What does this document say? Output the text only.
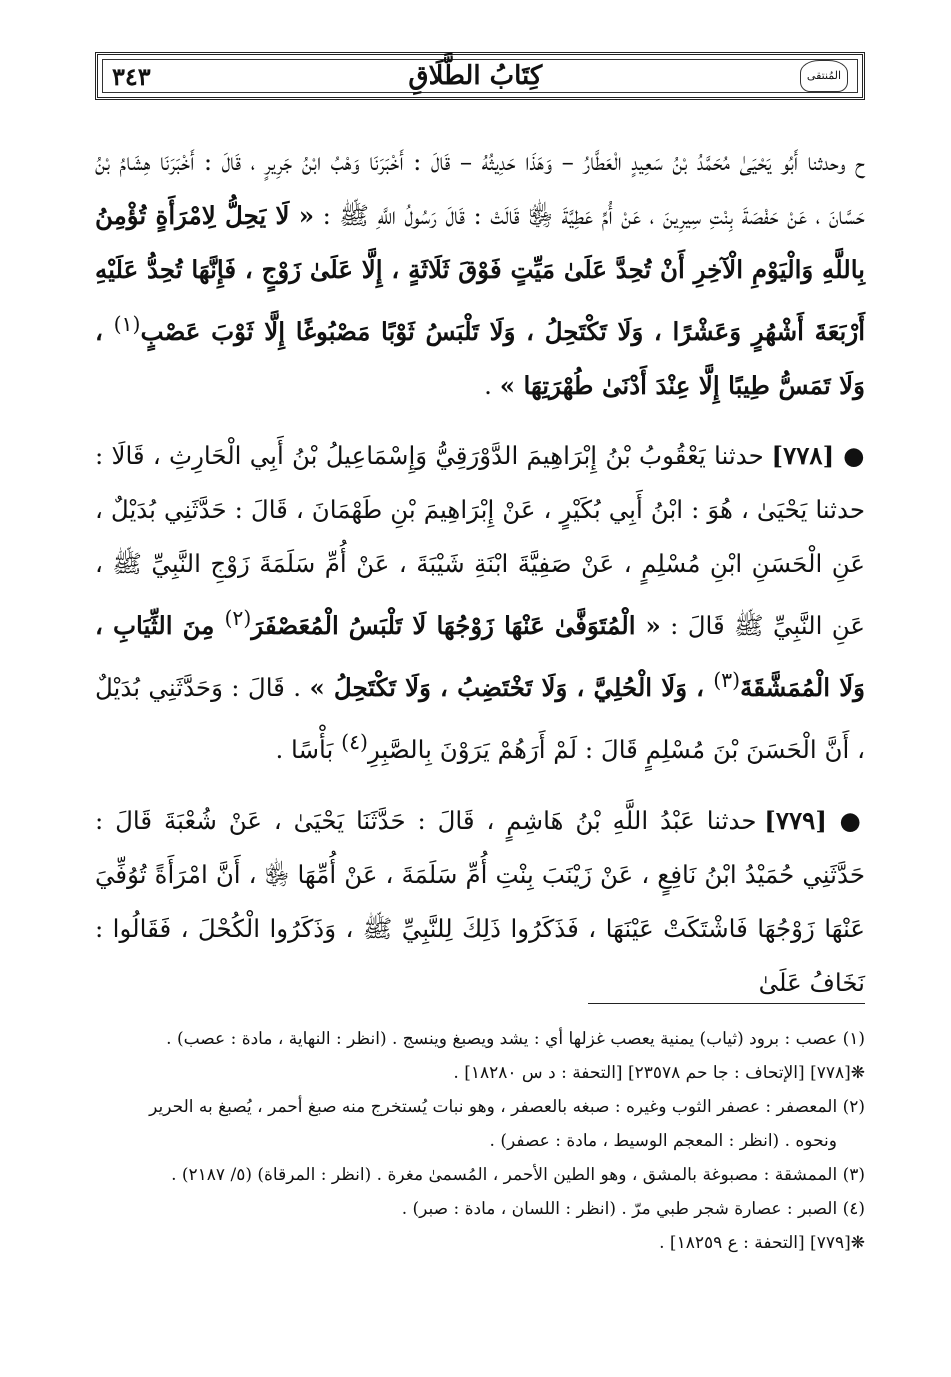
٣٤٣	كِتَابُ الطَّلَاقِ	المُنتقى

ح وحدثنا أَبُو يَحْيَىٰ مُحَمَّدُ بْنُ سَعِيدٍ الْعَطَّارُ – وَهَذَا حَدِيثُهُ – قَالَ : أَخْبَرَنَا وَهْبُ ابْنُ جَرِيرٍ ، قَالَ : أَخْبَرَنَا هِشَامُ بْنُ حَسَّانَ ، عَنْ حَفْصَةَ بِنْتِ سِيرِينَ ، عَنْ أُمِّ عَطِيَّةَ ﵂ قَالَتْ : قَالَ رَسُولُ اللَّهِ ﷺ : « لَا يَحِلُّ لِامْرَأَةٍ تُؤْمِنُ بِاللَّهِ وَالْيَوْمِ الْآخِرِ أَنْ تُحِدَّ عَلَىٰ مَيِّتٍ فَوْقَ ثَلَاثَةٍ ، إِلَّا عَلَىٰ زَوْجٍ ، فَإِنَّهَا تُحِدُّ عَلَيْهِ أَرْبَعَةَ أَشْهُرٍ وَعَشْرًا ، وَلَا تَكْتَحِلُ ، وَلَا تَلْبَسُ ثَوْبًا مَصْبُوغًا إِلَّا ثَوْبَ عَصْبٍ$^{(١)}$ ، وَلَا تَمَسُّ طِيبًا إِلَّا عِنْدَ أَدْنَىٰ طُهْرَتِهَا » .

● [٧٧٨] حدثنا يَعْقُوبُ بْنُ إِبْرَاهِيمَ الدَّوْرَقِيُّ وَإِسْمَاعِيلُ بْنُ أَبِي الْحَارِثِ ، قَالَا : حدثنا يَحْيَىٰ ، هُوَ : ابْنُ أَبِي بُكَيْرٍ ، عَنْ إِبْرَاهِيمَ بْنِ طَهْمَانَ ، قَالَ : حَدَّثَنِي بُدَيْلٌ ، عَنِ الْحَسَنِ ابْنِ مُسْلِمٍ ، عَنْ صَفِيَّةَ ابْنَةِ شَيْبَةَ ، عَنْ أُمِّ سَلَمَةَ زَوْجِ النَّبِيِّ ﷺ ، عَنِ النَّبِيِّ ﷺ قَالَ : « الْمُتَوَفَّىٰ عَنْهَا زَوْجُهَا لَا تَلْبَسُ الْمُعَصْفَرَ$^{(٢)}$ مِنَ الثِّيَابِ ، وَلَا الْمُمَشَّقَةَ$^{(٣)}$ ، وَلَا الْحُلِيَّ ، وَلَا تَخْتَضِبُ ، وَلَا تَكْتَحِلُ » . قَالَ : وَحَدَّثَنِي بُدَيْلٌ ، أَنَّ الْحَسَنَ بْنَ مُسْلِمٍ قَالَ : لَمْ أَرَهُمْ يَرَوْنَ بِالصَّبِرِ$^{(٤)}$ بَأْسًا .

● [٧٧٩] حدثنا عَبْدُ اللَّهِ بْنُ هَاشِمٍ ، قَالَ : حَدَّثَنَا يَحْيَىٰ ، عَنْ شُعْبَةَ قَالَ : حَدَّثَنِي حُمَيْدُ ابْنُ نَافِعٍ ، عَنْ زَيْنَبَ بِنْتِ أُمِّ سَلَمَةَ ، عَنْ أُمِّهَا ﵂ ، أَنَّ امْرَأَةً تُوُفِّيَ عَنْهَا زَوْجُهَا فَاشْتَكَتْ عَيْنَهَا ، فَذَكَرُوا ذَلِكَ لِلنَّبِيِّ ﷺ ، وَذَكَرُوا الْكُحْلَ ، فَقَالُوا : نَخَافُ عَلَىٰ

(١) عصب : برود (ثياب) يمنية يعصب غزلها أي : يشد ويصبغ وينسج . (انظر : النهاية ، مادة : عصب) .
❋[٧٧٨] [الإتحاف : جا حم ٢٣٥٧٨] [التحفة : د س ١٨٢٨٠] .
(٢) المعصفر : عصفر الثوب وغيره : صبغه بالعصفر ، وهو نبات يُستخرج منه صبغ أحمر ، يُصبغ به الحرير
ونحوه . (انظر : المعجم الوسيط ، مادة : عصفر) .
(٣) الممشقة : مصبوغة بالمشق ، وهو الطين الأحمر ، المُسمىٰ مغرة . (انظر : المرقاة) (٥/ ٢١٨٧) .
(٤) الصبر : عصارة شجر طبي مرّ . (انظر : اللسان ، مادة : صبر) .
❋[٧٧٩] [التحفة : ع ١٨٢٥٩] .
